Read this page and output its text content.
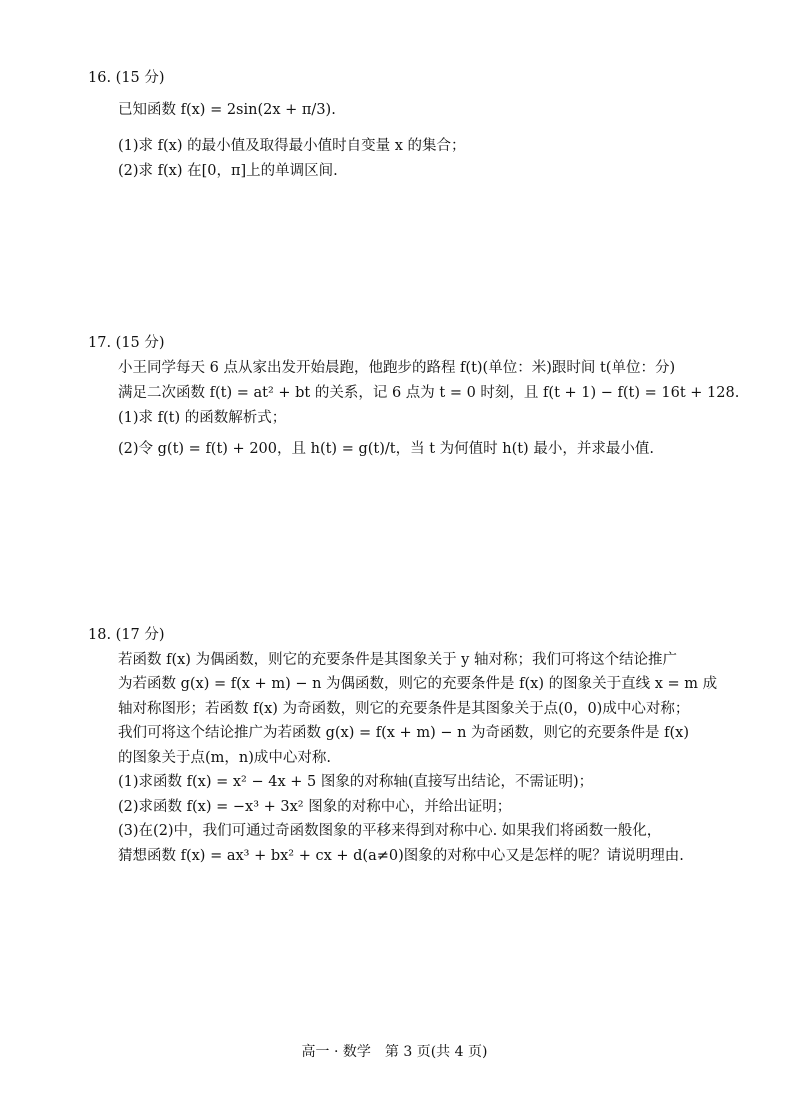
16. (15 分)
已知函数 f(x) = 2sin(2x + π/3).
(1)求 f(x) 的最小值及取得最小值时自变量 x 的集合；
(2)求 f(x) 在[0，π]上的单调区间.
17. (15 分)
小王同学每天 6 点从家出发开始晨跑，他跑步的路程 f(t)(单位：米)跟时间 t(单位：分)
满足二次函数 f(t) = at² + bt 的关系，记 6 点为 t = 0 时刻，且 f(t + 1) − f(t) = 16t + 128.
(1)求 f(t) 的函数解析式；
(2)令 g(t) = f(t) + 200，且 h(t) = g(t)/t，当 t 为何值时 h(t) 最小，并求最小值.
18. (17 分)
若函数 f(x) 为偶函数，则它的充要条件是其图象关于 y 轴对称；我们可将这个结论推广
为若函数 g(x) = f(x + m) − n 为偶函数，则它的充要条件是 f(x) 的图象关于直线 x = m 成
轴对称图形；若函数 f(x) 为奇函数，则它的充要条件是其图象关于点(0，0)成中心对称；
我们可将这个结论推广为若函数 g(x) = f(x + m) − n 为奇函数，则它的充要条件是 f(x)
的图象关于点(m，n)成中心对称.
(1)求函数 f(x) = x² − 4x + 5 图象的对称轴(直接写出结论，不需证明)；
(2)求函数 f(x) = −x³ + 3x² 图象的对称中心，并给出证明；
(3)在(2)中，我们可通过奇函数图象的平移来得到对称中心. 如果我们将函数一般化，
猜想函数 f(x) = ax³ + bx² + cx + d(a≠0)图象的对称中心又是怎样的呢？请说明理由.
高一 · 数学　第 3 页(共 4 页)
